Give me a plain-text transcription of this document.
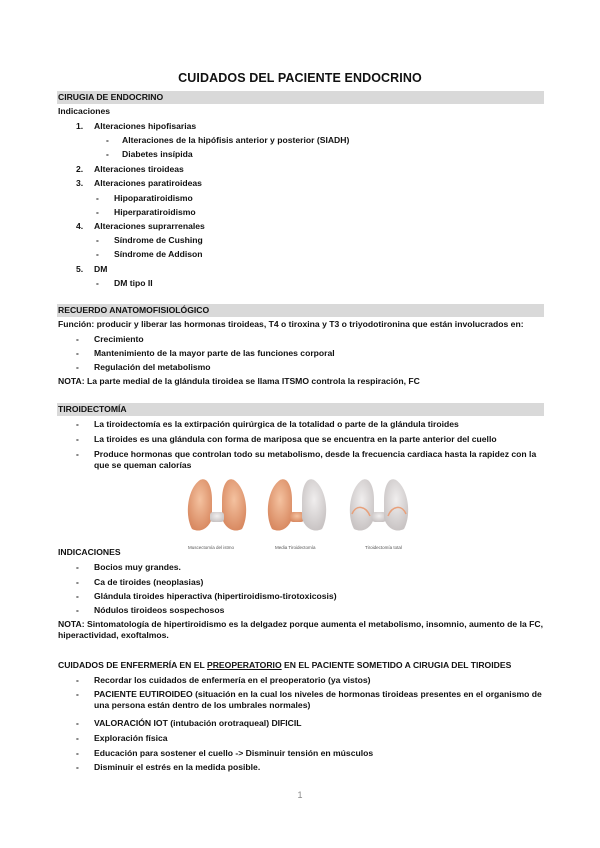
CUIDADOS DEL PACIENTE ENDOCRINO
CIRUGIA DE ENDOCRINO
Indicaciones
1. Alteraciones hipofisarias
- Alteraciones de la hipófisis anterior y posterior (SIADH)
- Diabetes insípida
2. Alteraciones tiroideas
3. Alteraciones paratiroideas
- Hipoparatiroidismo
- Hiperparatiroidismo
4. Alteraciones suprarrenales
- Síndrome de Cushing
- Síndrome de Addison
5. DM
- DM tipo II
RECUERDO ANATOMOFISIOLÓGICO
Función: producir y liberar las hormonas tiroideas, T4 o tiroxina y T3 o triyodotironina que están involucrados en:
- Crecimiento
- Mantenimiento de la mayor parte de las funciones corporal
- Regulación del metabolismo
NOTA: La parte medial de la glándula tiroidea se llama ITSMO controla la respiración, FC
TIROIDECTOMÍA
- La tiroidectomía es la extirpación quirúrgica de la totalidad o parte de la glándula tiroides
- La tiroides es una glándula con forma de mariposa que se encuentra en la parte anterior del cuello
- Produce hormonas que controlan todo su metabolismo, desde la frecuencia cardiaca hasta la rapidez con la que se queman calorías
Muscectomía del istmo	Media Tiroidectomía	Tiroidectomía total
INDICACIONES
- Bocios muy grandes.
- Ca de tiroides (neoplasias)
- Glándula tiroides hiperactiva (hipertiroidismo-tirotoxicosis)
- Nódulos tiroideos sospechosos
NOTA: Sintomatología de hipertiroidismo es la delgadez porque aumenta el metabolismo, insomnio, aumento de la FC, hiperactividad, exoftalmos.
CUIDADOS DE ENFERMERÍA EN EL PREOPERATORIO EN EL PACIENTE SOMETIDO A CIRUGIA DEL TIROIDES
- Recordar los cuidados de enfermería en el preoperatorio (ya vistos)
- PACIENTE EUTIROIDEO (situación en la cual los niveles de hormonas tiroideas presentes en el organismo de una persona están dentro de los umbrales normales)
- VALORACIÓN IOT (intubación orotraqueal) DIFICIL
- Exploración física
- Educación para sostener el cuello -> Disminuir tensión en músculos
- Disminuir el estrés en la medida posible.
1
